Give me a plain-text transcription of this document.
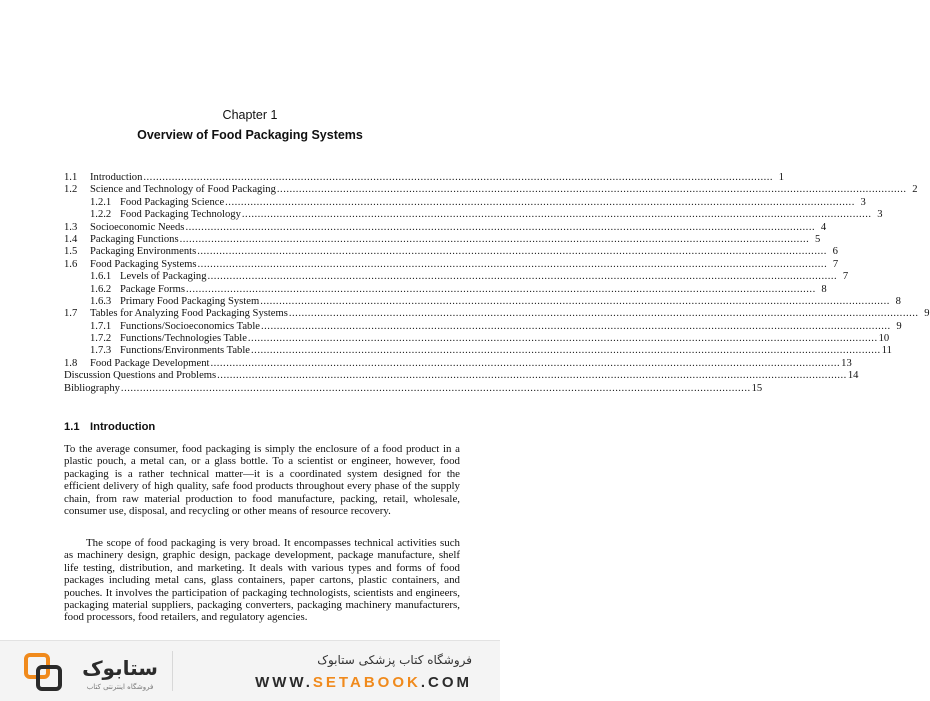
Chapter 1
Overview of Food Packaging Systems
1.1	Introduction ........................................................................................................................................................................................................ 1
1.2	Science and Technology of Food Packaging ........................................................................................................................................................................................................ 2
1.2.1 Food Packaging Science ........................................................................................................................................................................................................ 3
1.2.2 Food Packaging Technology ........................................................................................................................................................................................................ 3
1.3	Socioeconomic Needs ........................................................................................................................................................................................................ 4
1.4	Packaging Functions ........................................................................................................................................................................................................ 5
1.5	Packaging Environments ........................................................................................................................................................................................................ 6
1.6	Food Packaging Systems ........................................................................................................................................................................................................ 7
1.6.1 Levels of Packaging ........................................................................................................................................................................................................ 7
1.6.2 Package Forms ........................................................................................................................................................................................................ 8
1.6.3 Primary Food Packaging System ........................................................................................................................................................................................................ 8
1.7	Tables for Analyzing Food Packaging Systems ........................................................................................................................................................................................................ 9
1.7.1 Functions/Socioeconomics Table ........................................................................................................................................................................................................ 9
1.7.2 Functions/Technologies Table ........................................................................................................................................................................................................ 10
1.7.3 Functions/Environments Table ........................................................................................................................................................................................................ 11
1.8	Food Package Development ........................................................................................................................................................................................................ 13
Discussion Questions and Problems ........................................................................................................................................................................................................ 14
Bibliography ........................................................................................................................................................................................................ 15
1.1 Introduction

To the average consumer, food packaging is simply the enclosure of a food product in a plastic pouch, a metal can, or a glass bottle. To a scientist or engineer, however, food packaging is a rather technical matter—it is a coordinated system designed for the efficient delivery of high quality, safe food products throughout every phase of the supply chain, from raw material production to food manufacture, packing, retail, wholesale, consumer use, disposal, and recycling or other means of resource recovery.

The scope of food packaging is very broad. It encompasses technical activities such as machinery design, graphic design, package development, package manufacture, shelf life testing, distribution, and marketing. It deals with various types and forms of food packages including metal cans, glass containers, paper cartons, plastic containers, and pouches. It involves the participation of packaging technologists, scientists and engineers, packaging material suppliers, packaging converters, packaging machinery manufacturers, food processors, food retailers, and regulatory agencies.

ستابوک
فروشگاه اینترنتی کتاب
فروشگاه کتاب پزشکی ستابوک
WWW.SETABOOK.COM
